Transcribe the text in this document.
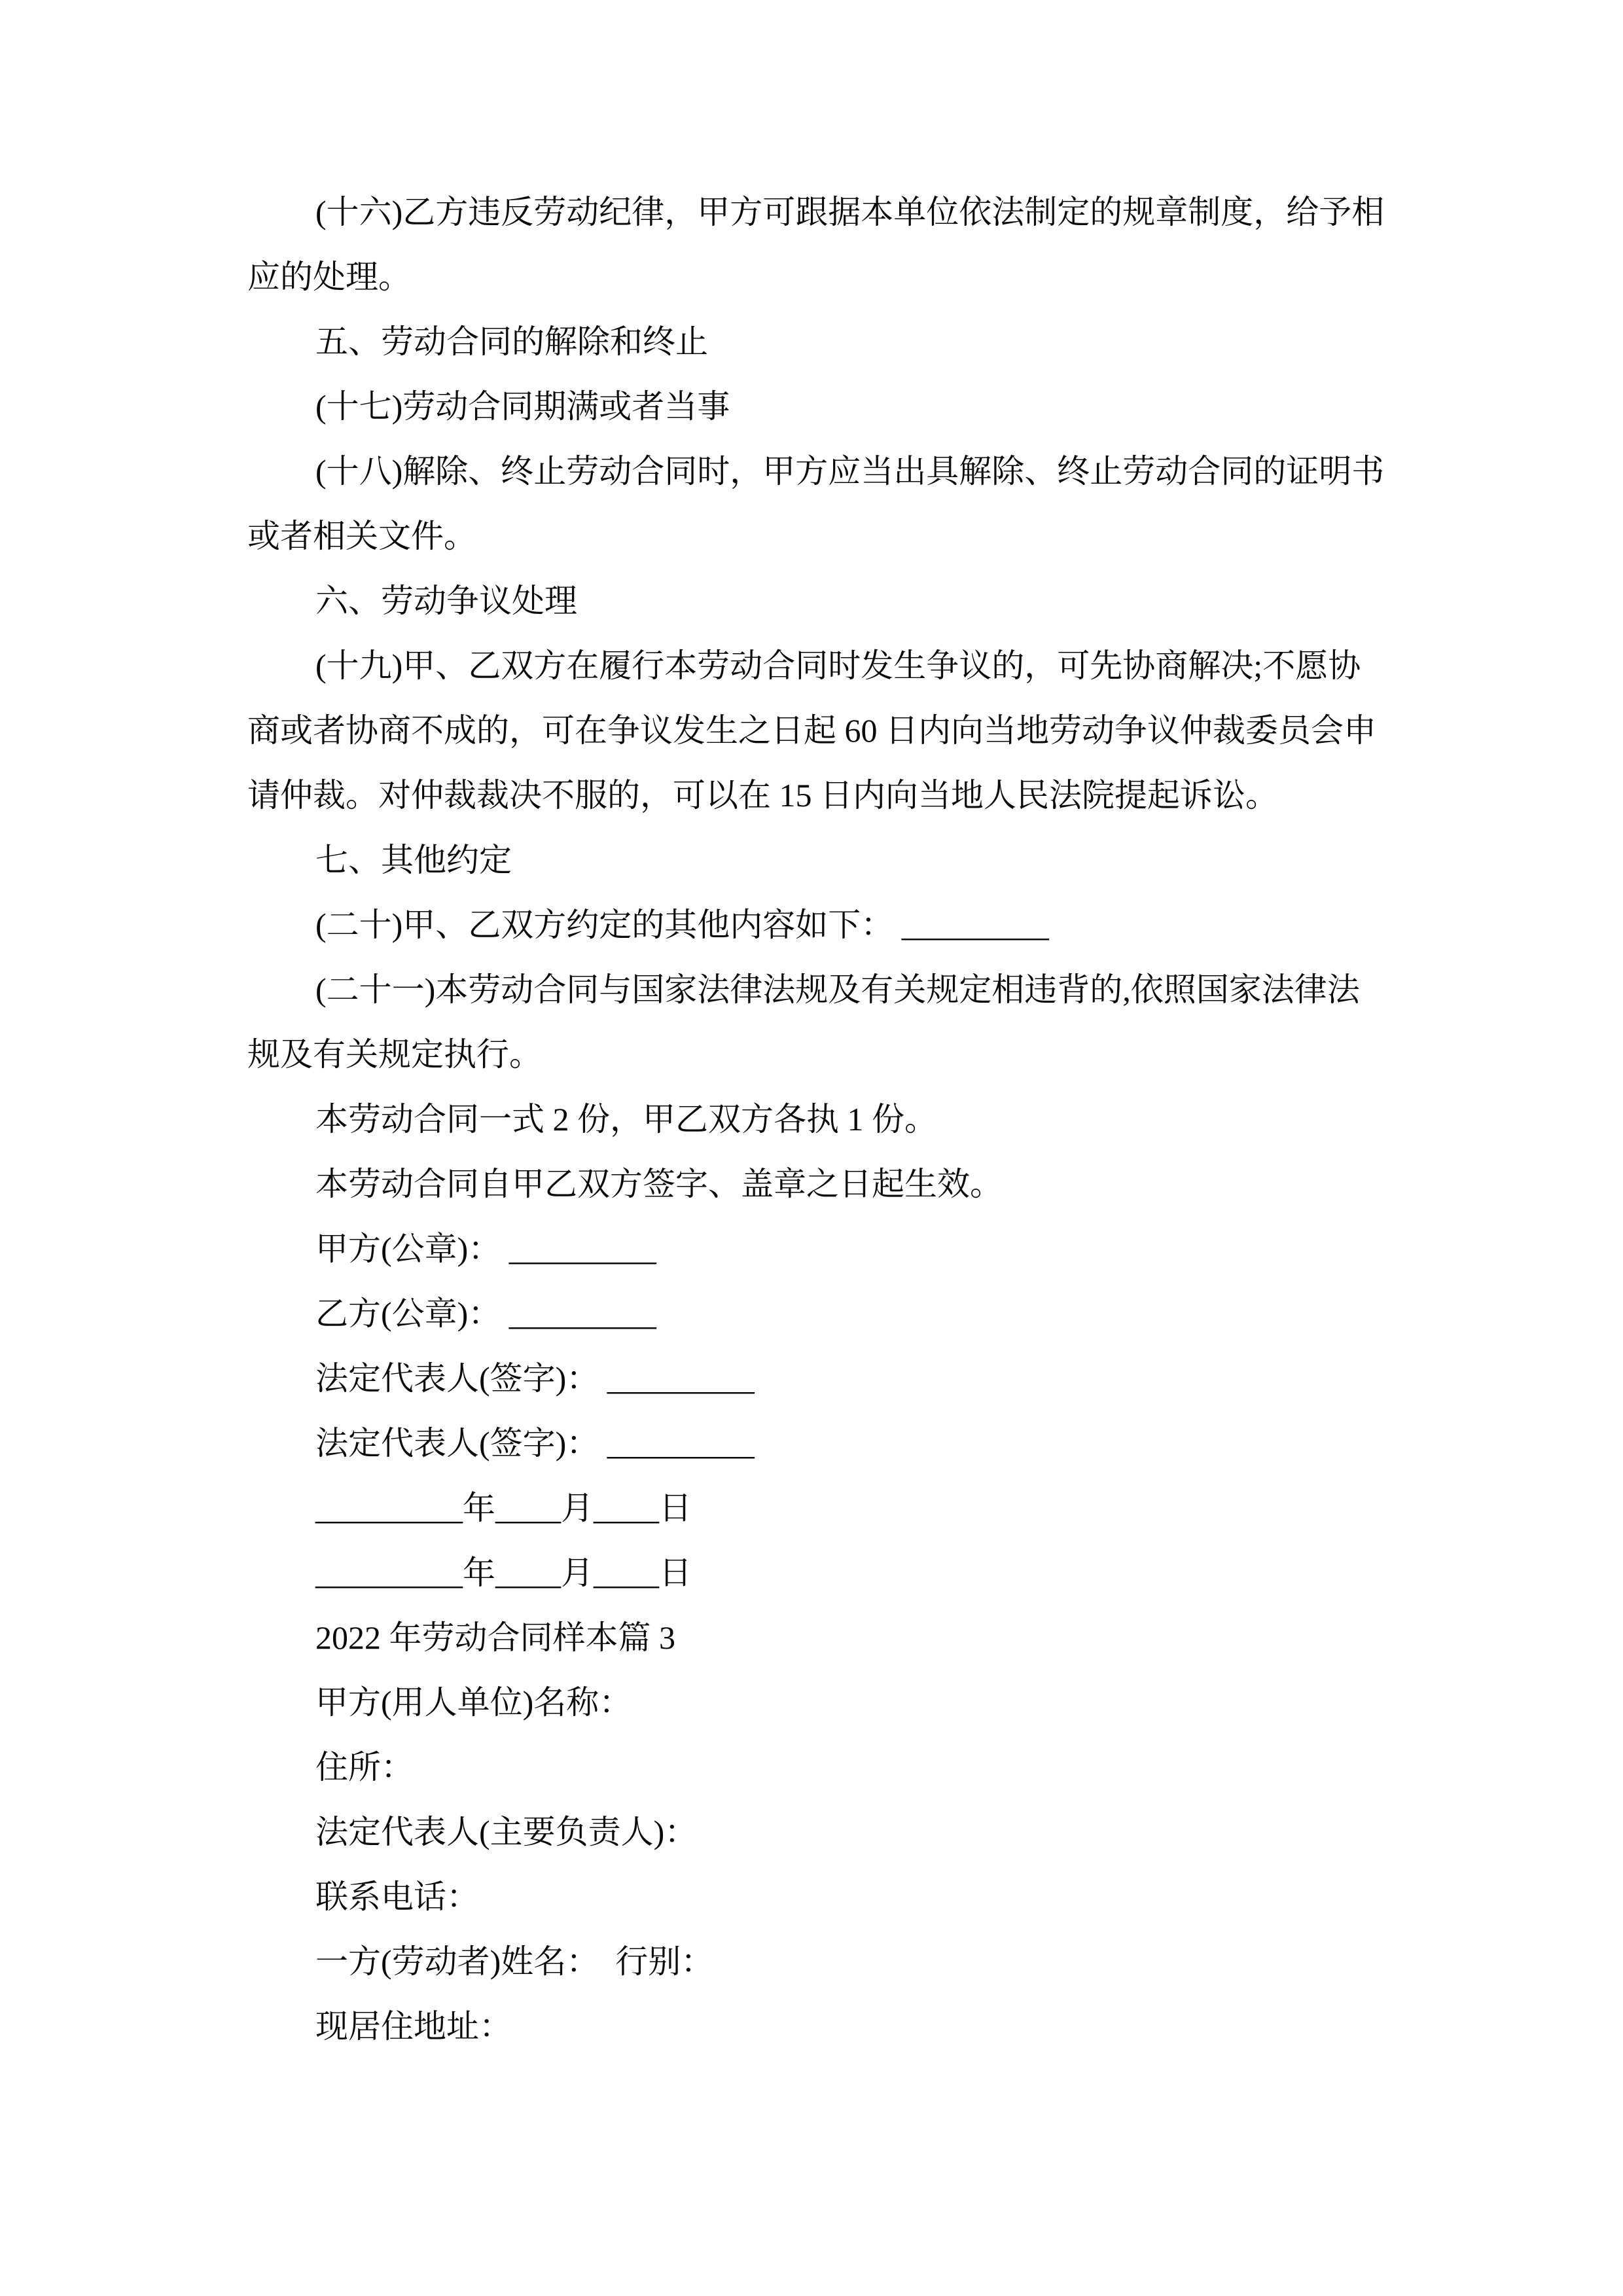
(十六)乙方违反劳动纪律，甲方可跟据本单位依法制定的规章制度，给予相
应的处理。
五、劳动合同的解除和终止
(十七)劳动合同期满或者当事
(十八)解除、终止劳动合同时，甲方应当出具解除、终止劳动合同的证明书
或者相关文件。
六、劳动争议处理
(十九)甲、乙双方在履行本劳动合同时发生争议的，可先协商解决;不愿协
商或者协商不成的，可在争议发生之日起 60 日内向当地劳动争议仲裁委员会申
请仲裁。对仲裁裁决不服的，可以在 15 日内向当地人民法院提起诉讼。
七、其他约定
(二十)甲、乙双方约定的其他内容如下： _________
(二十一)本劳动合同与国家法律法规及有关规定相违背的,依照国家法律法
规及有关规定执行。
本劳动合同一式 2 份，甲乙双方各执 1 份。
本劳动合同自甲乙双方签字、盖章之日起生效。
甲方(公章)： _________
乙方(公章)： _________
法定代表人(签字)： _________
法定代表人(签字)： _________
_________年____月____日
_________年____月____日
2022 年劳动合同样本篇 3
甲方(用人单位)名称：
住所：
法定代表人(主要负责人)：
联系电话：
一方(劳动者)姓名：　行别：
现居住地址：
